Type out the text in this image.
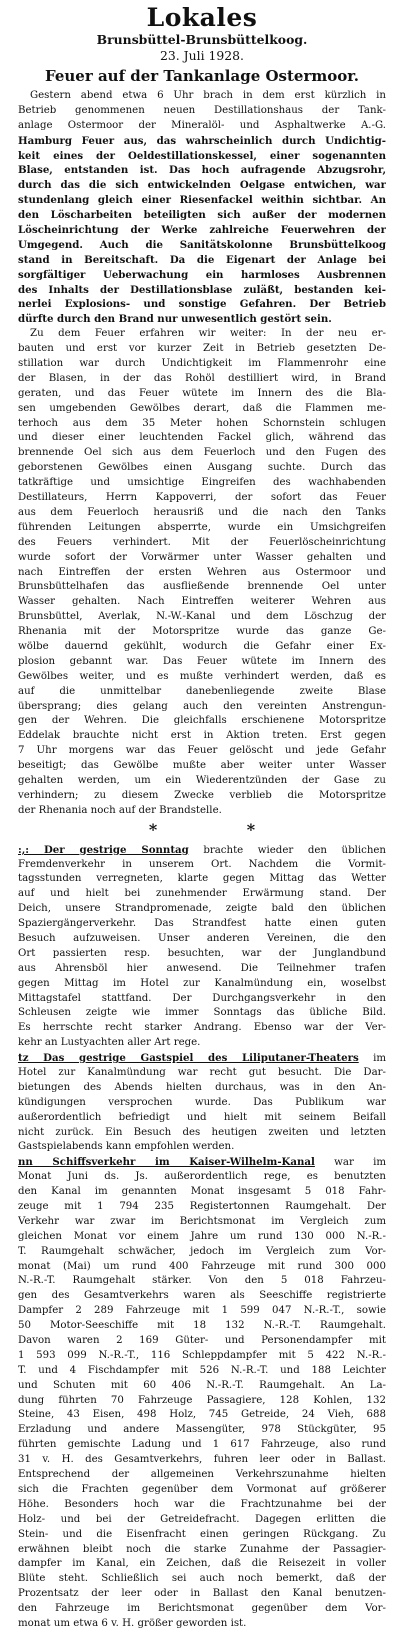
Lokales
Brunsbüttel-Brunsbüttelkoog.
23. Juli 1928.
Feuer auf der Tankanlage Ostermoor.
Gestern abend etwa 6 Uhr brach in dem erst kürzlich in
Betrieb genommenen neuen Destillationshaus der Tank-
anlage Ostermoor der Mineralöl- und Asphaltwerke A.-G.
Hamburg Feuer aus, das wahrscheinlich durch Undichtig-
keit eines der Oeldestillationskessel, einer sogenannten
Blase, entstanden ist. Das hoch aufragende Abzugsrohr,
durch das die sich entwickelnden Oelgase entwichen, war
stundenlang gleich einer Riesenfackel weithin sichtbar. An
den Löscharbeiten beteiligten sich außer der modernen
Löscheinrichtung der Werke zahlreiche Feuerwehren der
Umgegend. Auch die Sanitätskolonne Brunsbüttelkoog
stand in Bereitschaft. Da die Eigenart der Anlage bei
sorgfältiger Ueberwachung ein harmloses Ausbrennen
des Inhalts der Destillationsblase zuläßt, bestanden kei-
nerlei Explosions- und sonstige Gefahren. Der Betrieb
dürfte durch den Brand nur unwesentlich gestört sein.
Zu dem Feuer erfahren wir weiter: In der neu er-
bauten und erst vor kurzer Zeit in Betrieb gesetzten De-
stillation war durch Undichtigkeit im Flammenrohr eine
der Blasen, in der das Rohöl destilliert wird, in Brand
geraten, und das Feuer wütete im Innern des die Bla-
sen umgebenden Gewölbes derart, daß die Flammen me-
terhoch aus dem 35 Meter hohen Schornstein schlugen
und dieser einer leuchtenden Fackel glich, während das
brennende Oel sich aus dem Feuerloch und den Fugen des
geborstenen Gewölbes einen Ausgang suchte. Durch das
tatkräftige und umsichtige Eingreifen des wachhabenden
Destillateurs, Herrn Kappoverri, der sofort das Feuer
aus dem Feuerloch herausriß und die nach den Tanks
führenden Leitungen absperrte, wurde ein Umsichgreifen
des Feuers verhindert. Mit der Feuerlöscheinrichtung
wurde sofort der Vorwärmer unter Wasser gehalten und
nach Eintreffen der ersten Wehren aus Ostermoor und
Brunsbüttelhafen das ausfließende brennende Oel unter
Wasser gehalten. Nach Eintreffen weiterer Wehren aus
Brunsbüttel, Averlak, N.-W.-Kanal und dem Löschzug der
Rhenania mit der Motorspritze wurde das ganze Ge-
wölbe dauernd gekühlt, wodurch die Gefahr einer Ex-
plosion gebannt war. Das Feuer wütete im Innern des
Gewölbes weiter, und es mußte verhindert werden, daß es
auf die unmittelbar danebenliegende zweite Blase
übersprang; dies gelang auch den vereinten Anstrengun-
gen der Wehren. Die gleichfalls erschienene Motorspritze
Eddelak brauchte nicht erst in Aktion treten. Erst gegen
7 Uhr morgens war das Feuer gelöscht und jede Gefahr
beseitigt; das Gewölbe mußte aber weiter unter Wasser
gehalten werden, um ein Wiederentzünden der Gase zu
verhindern; zu diesem Zwecke verblieb die Motorspritze
der Rhenania noch auf der Brandstelle.
* *
:,: Der gestrige Sonntag brachte wieder den üblichen
Fremdenverkehr in unserem Ort. Nachdem die Vormit-
tagsstunden verregneten, klarte gegen Mittag das Wetter
auf und hielt bei zunehmender Erwärmung stand. Der
Deich, unsere Strandpromenade, zeigte bald den üblichen
Spaziergängerverkehr. Das Strandfest hatte einen guten
Besuch aufzuweisen. Unser anderen Vereinen, die den
Ort passierten resp. besuchten, war der Junglandbund
aus Ahrensböl hier anwesend. Die Teilnehmer trafen
gegen Mittag im Hotel zur Kanalmündung ein, woselbst
Mittagstafel stattfand. Der Durchgangsverkehr in den
Schleusen zeigte wie immer Sonntags das übliche Bild.
Es herrschte recht starker Andrang. Ebenso war der Ver-
kehr an Lustyachten aller Art rege.
tz Das gestrige Gastspiel des Liliputaner-Theaters im
Hotel zur Kanalmündung war recht gut besucht. Die Dar-
bietungen des Abends hielten durchaus, was in den An-
kündigungen versprochen wurde. Das Publikum war
außerordentlich befriedigt und hielt mit seinem Beifall
nicht zurück. Ein Besuch des heutigen zweiten und letzten
Gastspielabends kann empfohlen werden.
nn Schiffsverkehr im Kaiser-Wilhelm-Kanal war im
Monat Juni ds. Js. außerordentlich rege, es benutzten
den Kanal im genannten Monat insgesamt 5 018 Fahr-
zeuge mit 1 794 235 Registertonnen Raumgehalt. Der
Verkehr war zwar im Berichtsmonat im Vergleich zum
gleichen Monat vor einem Jahre um rund 130 000 N.-R.-
T. Raumgehalt schwächer, jedoch im Vergleich zum Vor-
monat (Mai) um rund 400 Fahrzeuge mit rund 300 000
N.-R.-T. Raumgehalt stärker. Von den 5 018 Fahrzeu-
gen des Gesamtverkehrs waren als Seeschiffe registrierte
Dampfer 2 289 Fahrzeuge mit 1 599 047 N.-R.-T., sowie
50 Motor-Seeschiffe mit 18 132 N.-R.-T. Raumgehalt.
Davon waren 2 169 Güter- und Personendampfer mit
1 593 099 N.-R.-T., 116 Schleppdampfer mit 5 422 N.-R.-
T. und 4 Fischdampfer mit 526 N.-R.-T. und 188 Leichter
und Schuten mit 60 406 N.-R.-T. Raumgehalt. An La-
dung führten 70 Fahrzeuge Passagiere, 128 Kohlen, 132
Steine, 43 Eisen, 498 Holz, 745 Getreide, 24 Vieh, 688
Erzladung und andere Massengüter, 978 Stückgüter, 95
führten gemischte Ladung und 1 617 Fahrzeuge, also rund
31 v. H. des Gesamtverkehrs, fuhren leer oder in Ballast.
Entsprechend der allgemeinen Verkehrszunahme hielten
sich die Frachten gegenüber dem Vormonat auf größerer
Höhe. Besonders hoch war die Frachtzunahme bei der
Holz- und bei der Getreidefracht. Dagegen erlitten die
Stein- und die Eisenfracht einen geringen Rückgang. Zu
erwähnen bleibt noch die starke Zunahme der Passagier-
dampfer im Kanal, ein Zeichen, daß die Reisezeit in voller
Blüte steht. Schließlich sei auch noch bemerkt, daß der
Prozentsatz der leer oder in Ballast den Kanal benutzen-
den Fahrzeuge im Berichtsmonat gegenüber dem Vor-
monat um etwa 6 v. H. größer geworden ist.
